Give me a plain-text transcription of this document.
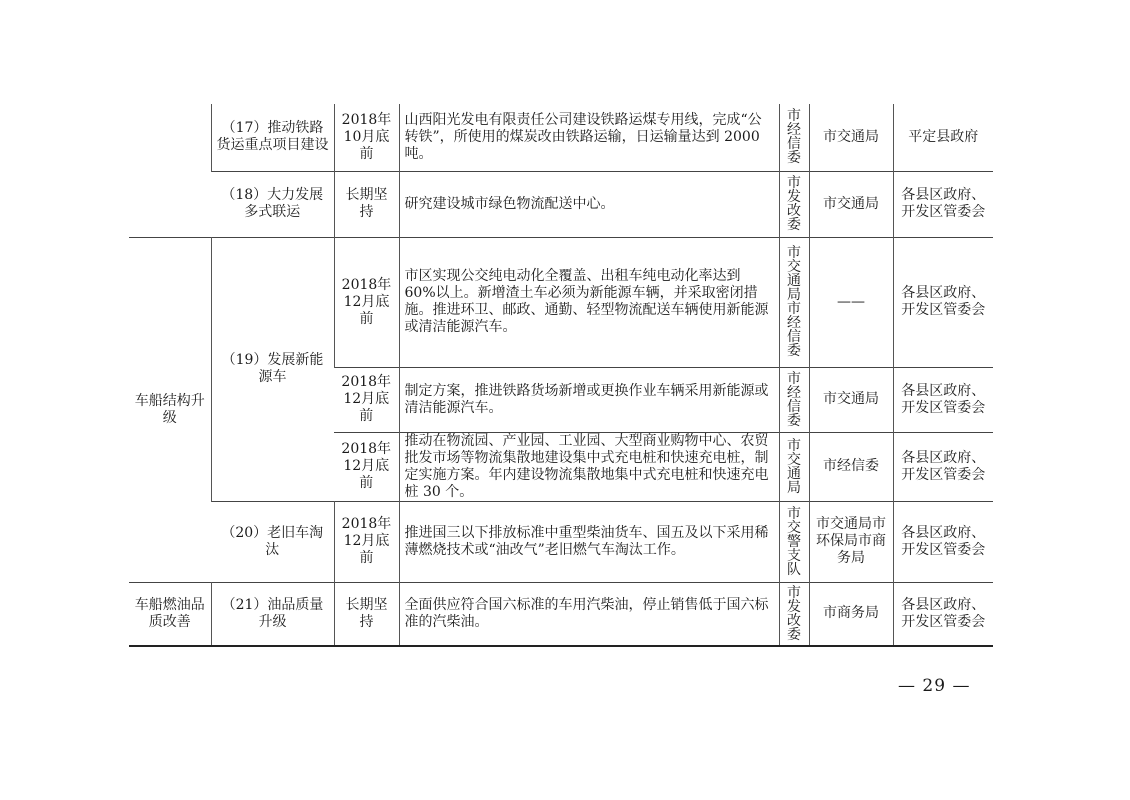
	（17）推动铁路货运重点项目建设	2018年10月底前	山西阳光发电有限责任公司建设铁路运煤专用线，完成“公转铁”，所使用的煤炭改由铁路运输，日运输量达到 2000 吨。	市经信委	市交通局	平定县政府
	（18）大力发展多式联运	长期坚持	研究建设城市绿色物流配送中心。	市发改委	市交通局	各县区政府、开发区管委会
车船结构升级	（19）发展新能源车	2018年12月底前	市区实现公交纯电动化全覆盖、出租车纯电动化率达到 60%以上。新增渣土车必须为新能源车辆，并采取密闭措施。推进环卫、邮政、通勤、轻型物流配送车辆使用新能源或清洁能源汽车。	市交通局市经信委	——	各县区政府、开发区管委会
		2018年12月底前	制定方案，推进铁路货场新增或更换作业车辆采用新能源或清洁能源汽车。	市经信委	市交通局	各县区政府、开发区管委会
		2018年12月底前	推动在物流园、产业园、工业园、大型商业购物中心、农贸批发市场等物流集散地建设集中式充电桩和快速充电桩，制定实施方案。年内建设物流集散地集中式充电桩和快速充电桩 30 个。	市交通局	市经信委	各县区政府、开发区管委会
	（20）老旧车淘汰	2018年12月底前	推进国三以下排放标准中重型柴油货车、国五及以下采用稀薄燃烧技术或“油改气”老旧燃气车淘汰工作。	市交警支队	市交通局市环保局市商务局	各县区政府、开发区管委会
车船燃油品质改善	（21）油品质量升级	长期坚持	全面供应符合国六标准的车用汽柴油，停止销售低于国六标准的汽柴油。	市发改委	市商务局	各县区政府、开发区管委会
— 29 —
